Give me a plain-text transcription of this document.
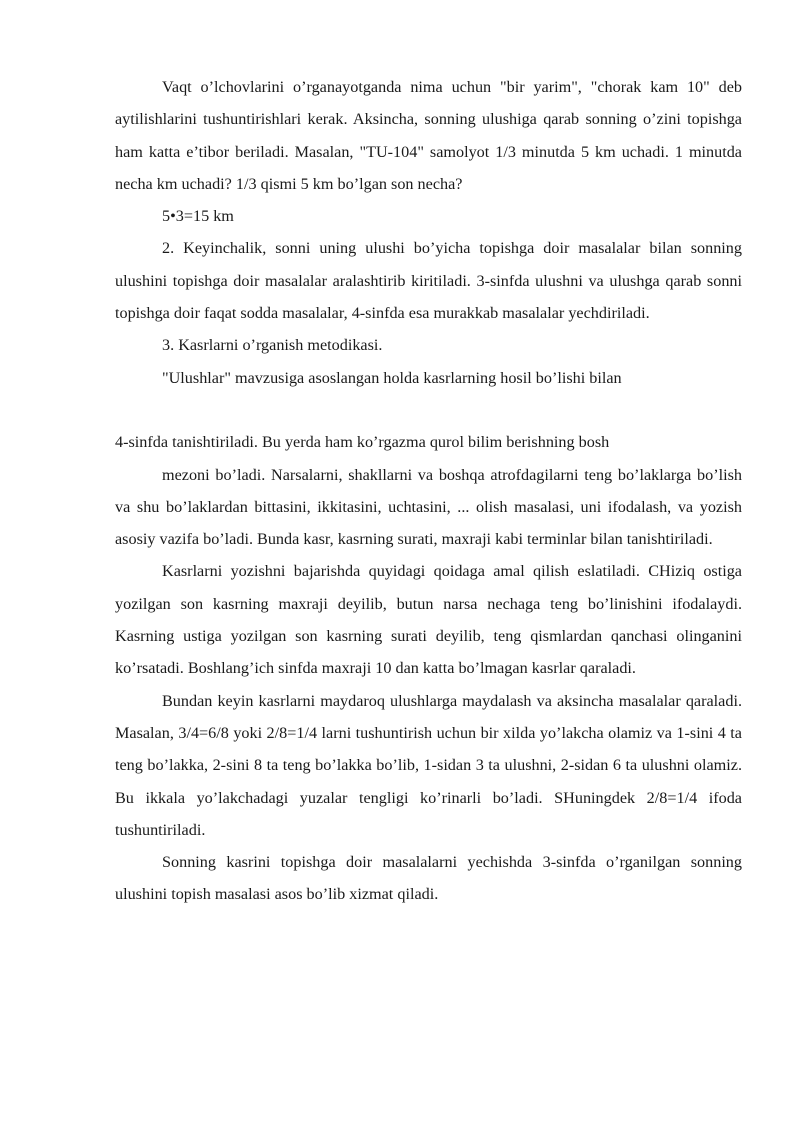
Vaqt o’lchovlarini o’rganayotganda nima uchun "bir yarim", "chorak kam 10" deb aytilishlarini tushuntirishlari kerak. Aksincha, sonning ulushiga qarab sonning o’zini topishga ham katta e’tibor beriladi. Masalan, "TU-104" samolyot 1/3 minutda 5 km uchadi. 1 minutda necha km uchadi? 1/3 qismi 5 km bo’lgan son necha?

5•3=15 km

2. Keyinchalik, sonni uning ulushi bo’yicha topishga doir masalalar bilan sonning ulushini topishga doir masalalar aralashtirib kiritiladi. 3-sinfda ulushni va ulushga qarab sonni topishga doir faqat sodda masalalar, 4-sinfda esa murakkab masalalar yechdiriladi.

3. Kasrlarni o’rganish metodikasi.

"Ulushlar" mavzusiga asoslangan holda kasrlarning hosil bo’lishi bilan

4-sinfda tanishtiriladi. Bu yerda ham ko’rgazma qurol bilim berishning bosh

mezoni bo’ladi. Narsalarni, shakllarni va boshqa atrofdagilarni teng bo’laklarga bo’lish va shu bo’laklardan bittasini, ikkitasini, uchtasini, ... olish masalasi, uni ifodalash, va yozish asosiy vazifa bo’ladi. Bunda kasr, kasrning surati, maxraji kabi terminlar bilan tanishtiriladi.

Kasrlarni yozishni bajarishda quyidagi qoidaga amal qilish eslatiladi. CHiziq ostiga yozilgan son kasrning maxraji deyilib, butun narsa nechaga teng bo’linishini ifodalaydi. Kasrning ustiga yozilgan son kasrning surati deyilib, teng qismlardan qanchasi olinganini ko’rsatadi. Boshlang’ich sinfda maxraji 10 dan katta bo’lmagan kasrlar qaraladi.

Bundan keyin kasrlarni maydaroq ulushlarga maydalash va aksincha masalalar qaraladi. Masalan, 3/4=6/8 yoki 2/8=1/4 larni tushuntirish uchun bir xilda yo’lakcha olamiz va 1-sini 4 ta teng bo’lakka, 2-sini 8 ta teng bo’lakka bo’lib, 1-sidan 3 ta ulushni, 2-sidan 6 ta ulushni olamiz. Bu ikkala yo’lakchadagi yuzalar tengligi ko’rinarli bo’ladi. SHuningdek 2/8=1/4 ifoda tushuntiriladi.

Sonning kasrini topishga doir masalalarni yechishda 3-sinfda o’rganilgan sonning ulushini topish masalasi asos bo’lib xizmat qiladi.
